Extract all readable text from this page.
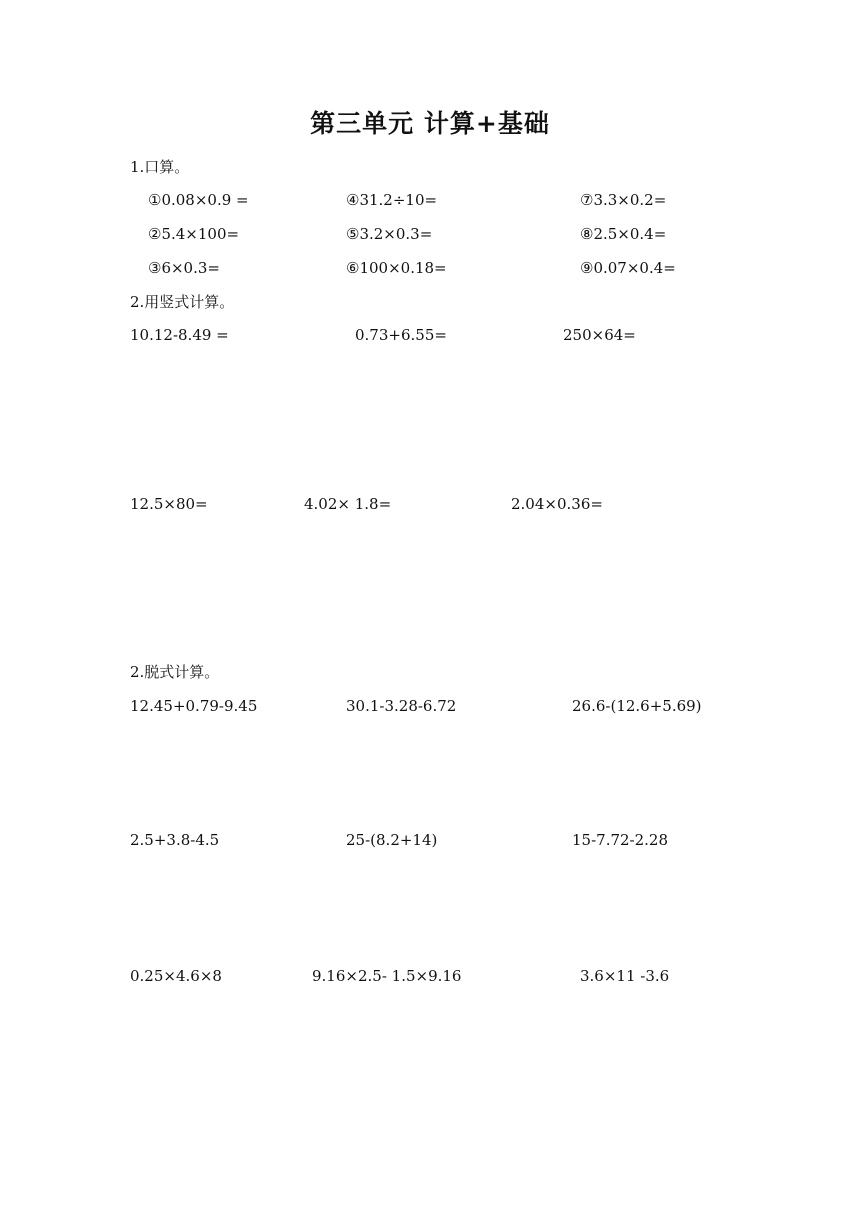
第三单元 计算+基础
1.口算。
①0.08×0.9 =	④31.2÷10=	⑦3.3×0.2=
②5.4×100=	⑤3.2×0.3=	⑧2.5×0.4=
③6×0.3=	⑥100×0.18=	⑨0.07×0.4=
2.用竖式计算。
10.12-8.49 =	0.73+6.55=	250×64=
12.5×80=	4.02× 1.8=	2.04×0.36=
2.脱式计算。
12.45+0.79-9.45	30.1-3.28-6.72	26.6-(12.6+5.69)
2.5+3.8-4.5	25-(8.2+14)	15-7.72-2.28
0.25×4.6×8	9.16×2.5- 1.5×9.16	3.6×11 -3.6
